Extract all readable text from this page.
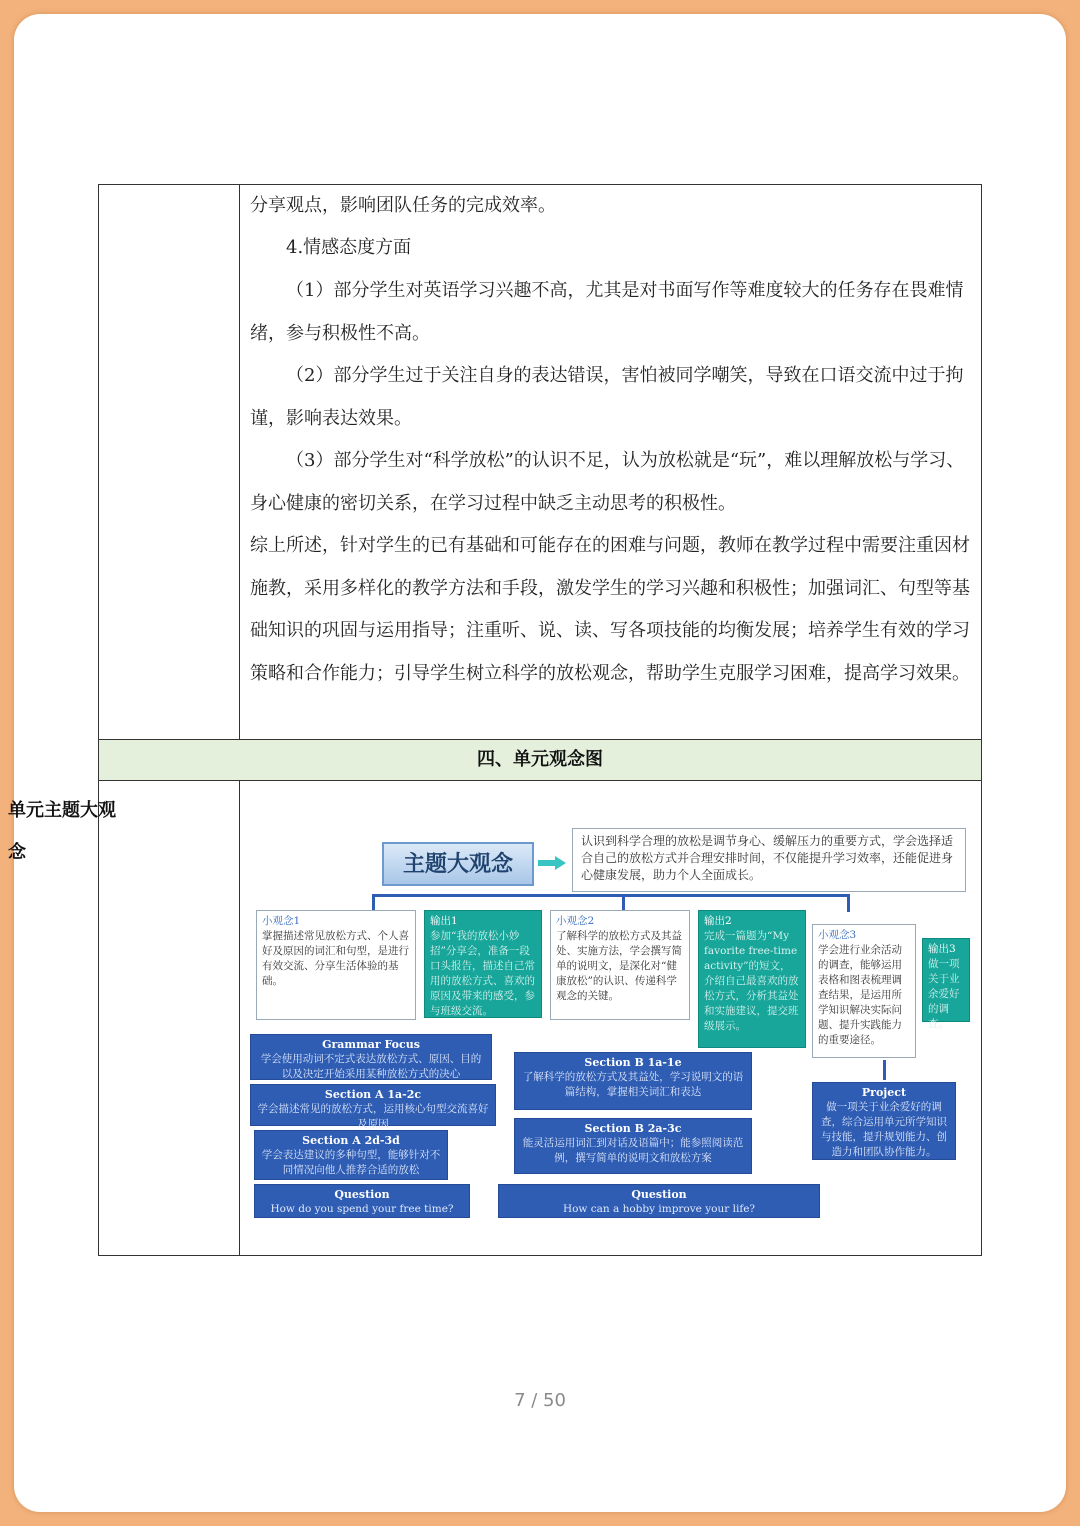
分享观点，影响团队任务的完成效率。
4.情感态度方面
（1）部分学生对英语学习兴趣不高，尤其是对书面写作等难度较大的任务存在畏难情绪，参与积极性不高。
（2）部分学生过于关注自身的表达错误，害怕被同学嘲笑，导致在口语交流中过于拘谨，影响表达效果。
（3）部分学生对“科学放松”的认识不足，认为放松就是“玩”，难以理解放松与学习、身心健康的密切关系，在学习过程中缺乏主动思考的积极性。
综上所述，针对学生的已有基础和可能存在的困难与问题，教师在教学过程中需要注重因材施教，采用多样化的教学方法和手段，激发学生的学习兴趣和积极性；加强词汇、句型等基础知识的巩固与运用指导；注重听、说、读、写各项技能的均衡发展；培养学生有效的学习策略和合作能力；引导学生树立科学的放松观念，帮助学生克服学习困难，提高学习效果。
四、单元观念图
单元主题大观念	主题大观念
认识到科学合理的放松是调节身心、缓解压力的重要方式，学会选择适合自己的放松方式并合理安排时间，不仅能提升学习效率，还能促进身心健康发展，助力个人全面成长。
小观念1
掌握描述常见放松方式、个人喜好及原因的词汇和句型，是进行有效交流、分享生活体验的基础。
输出1
参加“我的放松小妙招”分享会，准备一段口头报告，描述自己常用的放松方式、喜欢的原因及带来的感受，参与班级交流。
小观念2
了解科学的放松方式及其益处、实施方法，学会撰写简单的说明文，是深化对“健康放松”的认识、传递科学观念的关键。
输出2
完成一篇题为“My favorite free-time activity”的短文，介绍自己最喜欢的放松方式，分析其益处和实施建议，提交班级展示。
小观念3
学会进行业余活动的调查，能够运用表格和图表梳理调查结果，是运用所学知识解决实际问题、提升实践能力的重要途径。
输出3
做一项关于业余爱好的调查。
Grammar Focus
学会使用动词不定式表达放松方式、原因、目的以及决定开始采用某种放松方式的决心
Section A 1a-2c
学会描述常见的放松方式，运用核心句型交流喜好及原因
Section A 2d-3d
学会表达建议的多种句型，能够针对不同情况向他人推荐合适的放松
Question
How do you spend your free time?
Section B 1a-1e
了解科学的放松方式及其益处，学习说明文的语篇结构，掌握相关词汇和表达
Section B 2a-3c
能灵活运用词汇到对话及语篇中；能参照阅读范例，撰写简单的说明文和放松方案
Question
How can a hobby improve your life?
Project
做一项关于业余爱好的调查，综合运用单元所学知识与技能，提升规划能力、创造力和团队协作能力。
7 / 50
